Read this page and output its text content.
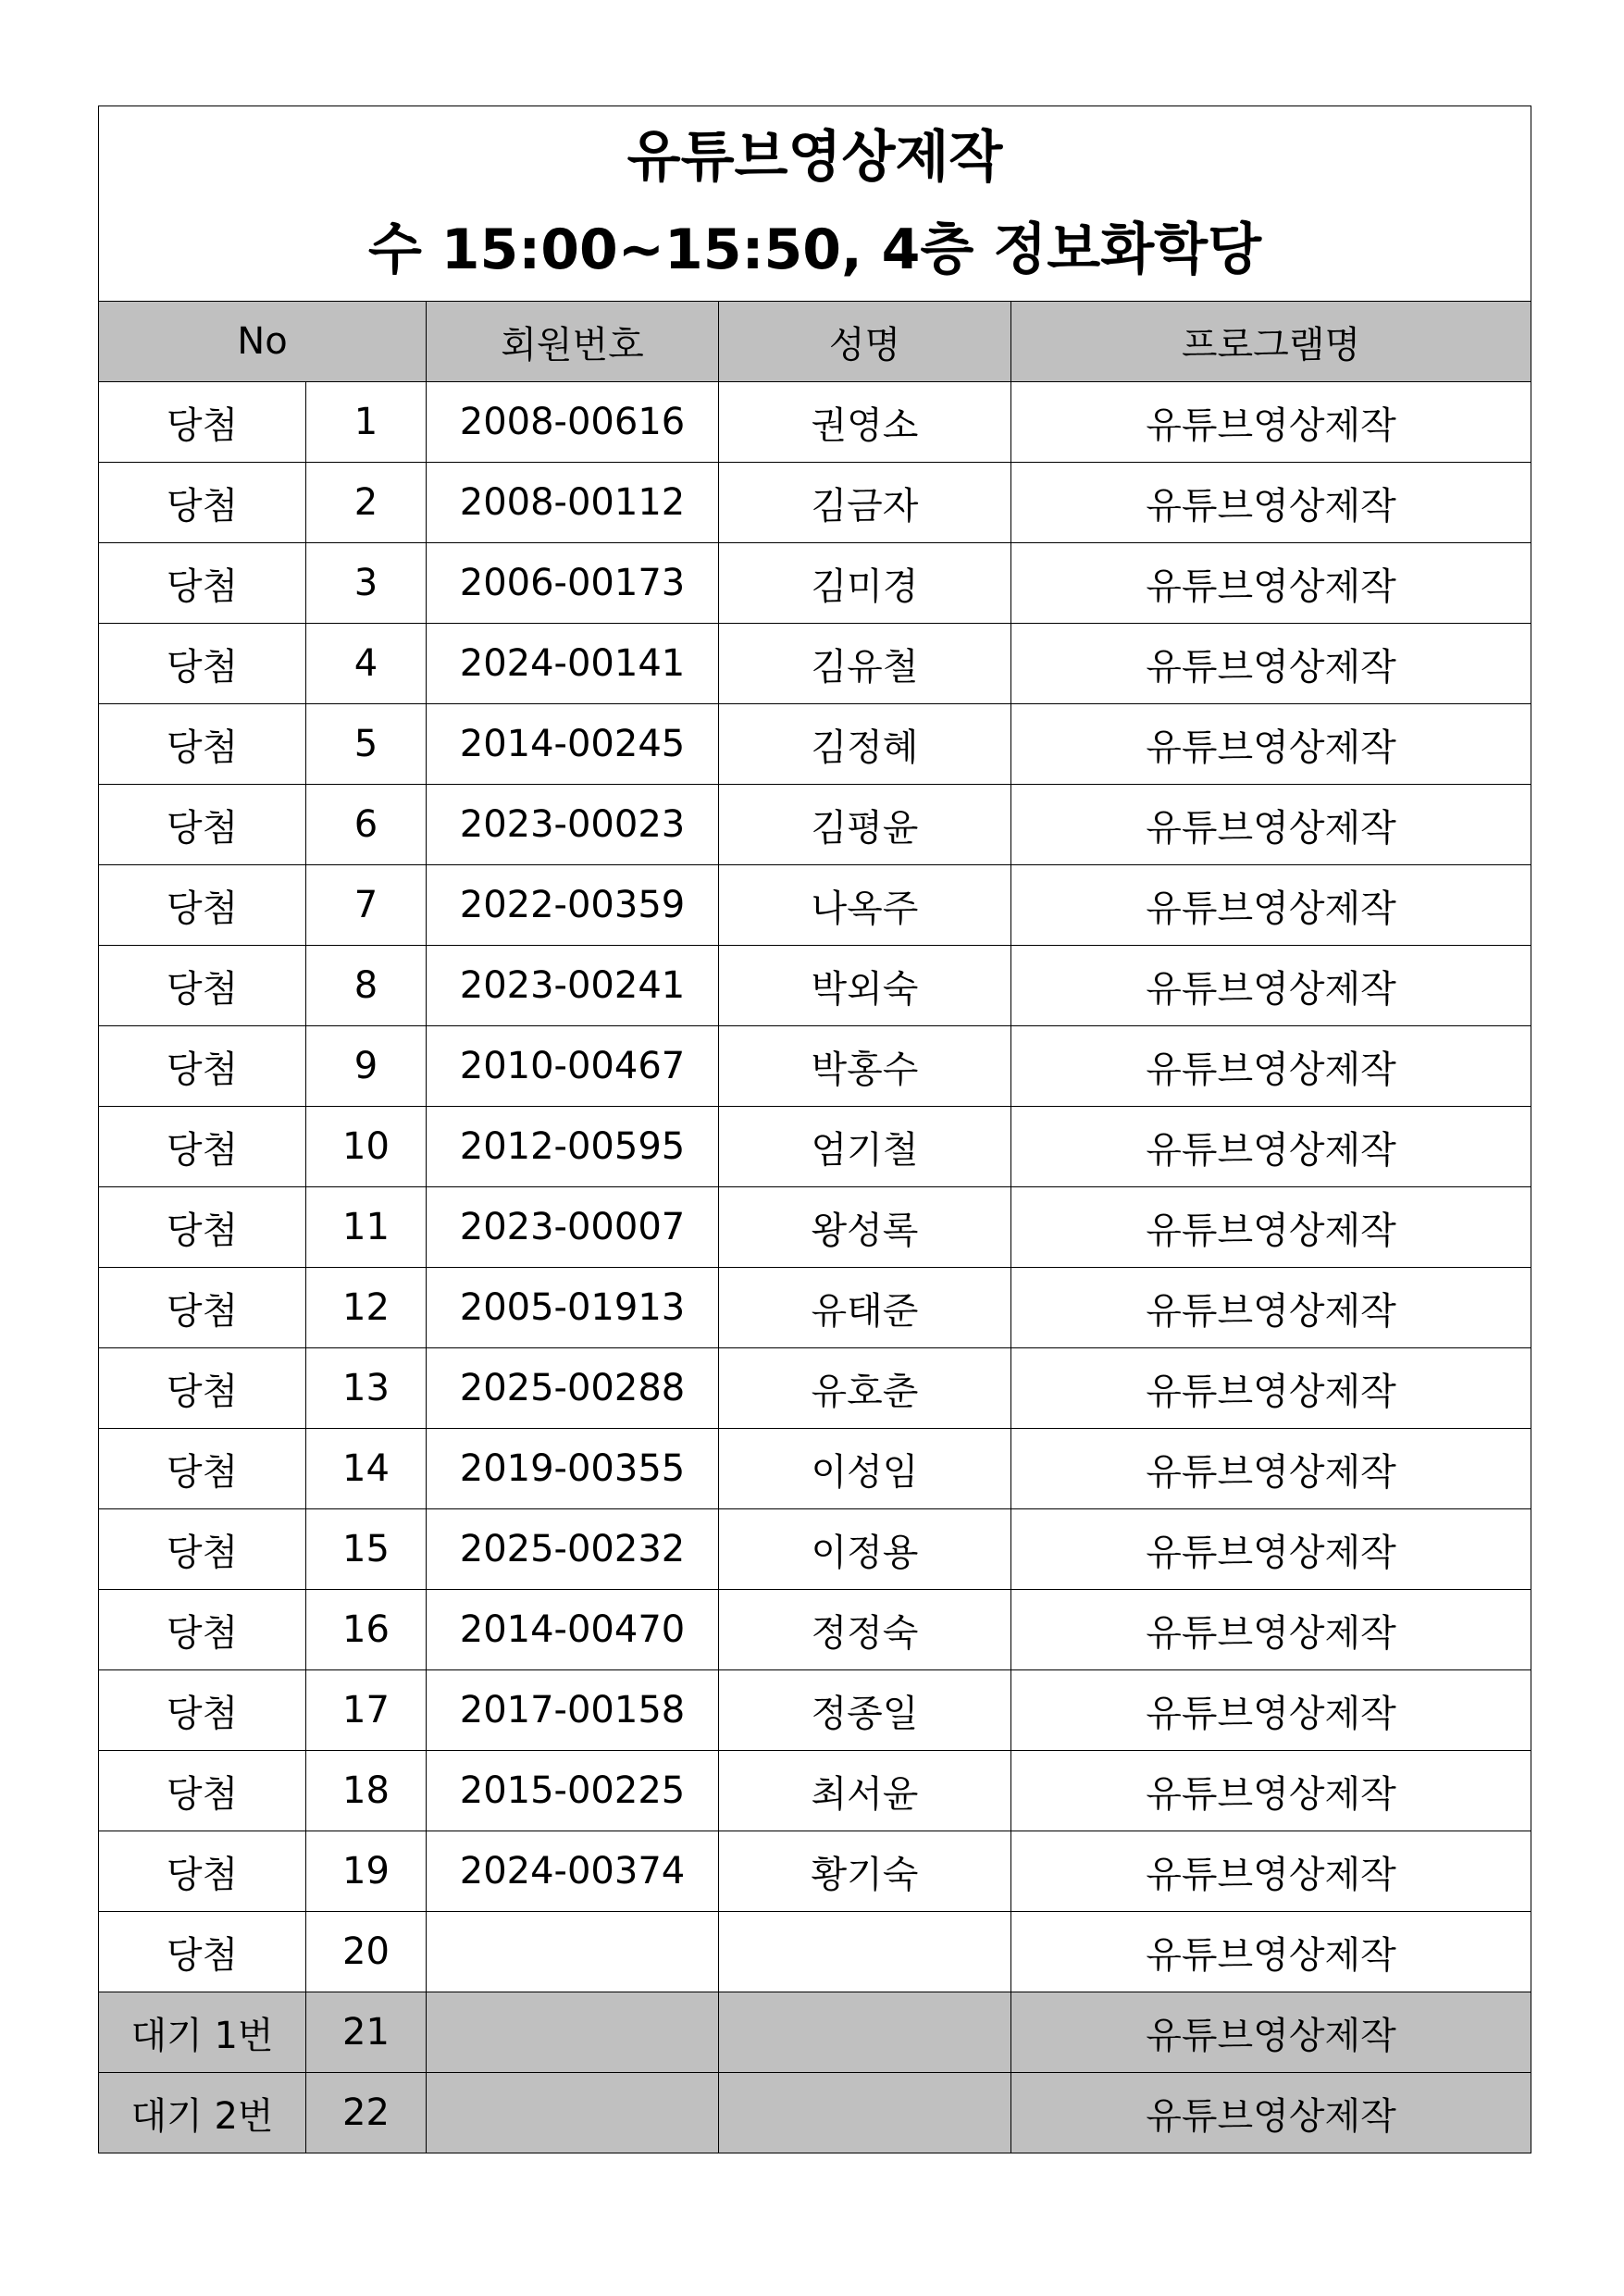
유튜브영상제작
수 15:00~15:50, 4층 정보화학당				

No		회원번호	성명	프로그램명
당첨	1	2008-00616	권영소	유튜브영상제작
당첨	2	2008-00112	김금자	유튜브영상제작
당첨	3	2006-00173	김미경	유튜브영상제작
당첨	4	2024-00141	김유철	유튜브영상제작
당첨	5	2014-00245	김정혜	유튜브영상제작
당첨	6	2023-00023	김평윤	유튜브영상제작
당첨	7	2022-00359	나옥주	유튜브영상제작
당첨	8	2023-00241	박외숙	유튜브영상제작
당첨	9	2010-00467	박홍수	유튜브영상제작
당첨	10	2012-00595	엄기철	유튜브영상제작
당첨	11	2023-00007	왕성록	유튜브영상제작
당첨	12	2005-01913	유태준	유튜브영상제작
당첨	13	2025-00288	유호춘	유튜브영상제작
당첨	14	2019-00355	이성임	유튜브영상제작
당첨	15	2025-00232	이정용	유튜브영상제작
당첨	16	2014-00470	정정숙	유튜브영상제작
당첨	17	2017-00158	정종일	유튜브영상제작
당첨	18	2015-00225	최서윤	유튜브영상제작
당첨	19	2024-00374	황기숙	유튜브영상제작
당첨	20			유튜브영상제작
대기 1번	21			유튜브영상제작
대기 2번	22			유튜브영상제작
